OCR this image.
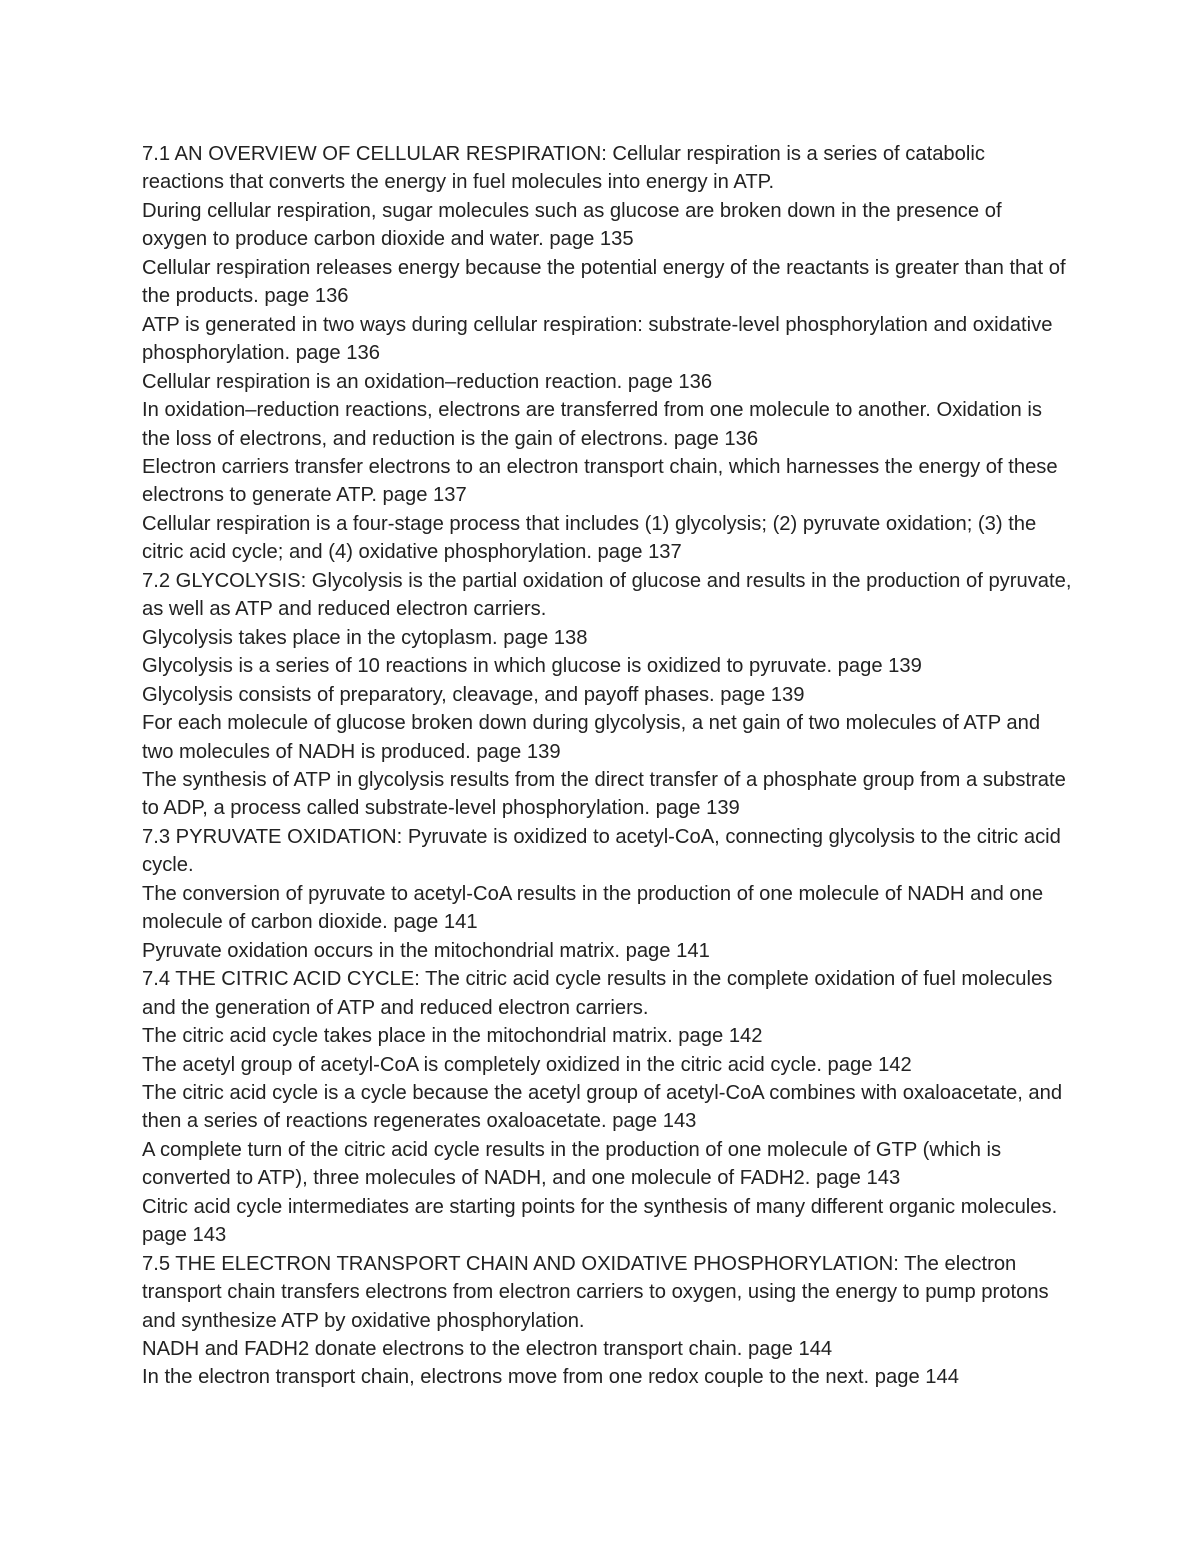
7.1 AN OVERVIEW OF CELLULAR RESPIRATION: Cellular respiration is a series of catabolic reactions that converts the energy in fuel molecules into energy in ATP.

During cellular respiration, sugar molecules such as glucose are broken down in the presence of oxygen to produce carbon dioxide and water. page 135

Cellular respiration releases energy because the potential energy of the reactants is greater than that of the products. page 136

ATP is generated in two ways during cellular respiration: substrate-level phosphorylation and oxidative phosphorylation. page 136

Cellular respiration is an oxidation–reduction reaction. page 136

In oxidation–reduction reactions, electrons are transferred from one molecule to another. Oxidation is the loss of electrons, and reduction is the gain of electrons. page 136

Electron carriers transfer electrons to an electron transport chain, which harnesses the energy of these electrons to generate ATP. page 137

Cellular respiration is a four-stage process that includes (1) glycolysis; (2) pyruvate oxidation; (3) the citric acid cycle; and (4) oxidative phosphorylation. page 137

7.2 GLYCOLYSIS: Glycolysis is the partial oxidation of glucose and results in the production of pyruvate, as well as ATP and reduced electron carriers.

Glycolysis takes place in the cytoplasm. page 138

Glycolysis is a series of 10 reactions in which glucose is oxidized to pyruvate. page 139

Glycolysis consists of preparatory, cleavage, and payoff phases. page 139

For each molecule of glucose broken down during glycolysis, a net gain of two molecules of ATP and two molecules of NADH is produced. page 139

The synthesis of ATP in glycolysis results from the direct transfer of a phosphate group from a substrate to ADP, a process called substrate-level phosphorylation. page 139

7.3 PYRUVATE OXIDATION: Pyruvate is oxidized to acetyl-CoA, connecting glycolysis to the citric acid cycle.

The conversion of pyruvate to acetyl-CoA results in the production of one molecule of NADH and one molecule of carbon dioxide. page 141

Pyruvate oxidation occurs in the mitochondrial matrix. page 141

7.4 THE CITRIC ACID CYCLE: The citric acid cycle results in the complete oxidation of fuel molecules and the generation of ATP and reduced electron carriers.

The citric acid cycle takes place in the mitochondrial matrix. page 142

The acetyl group of acetyl-CoA is completely oxidized in the citric acid cycle. page 142

The citric acid cycle is a cycle because the acetyl group of acetyl-CoA combines with oxaloacetate, and then a series of reactions regenerates oxaloacetate. page 143

A complete turn of the citric acid cycle results in the production of one molecule of GTP (which is converted to ATP), three molecules of NADH, and one molecule of FADH2. page 143

Citric acid cycle intermediates are starting points for the synthesis of many different organic molecules. page 143

7.5 THE ELECTRON TRANSPORT CHAIN AND OXIDATIVE PHOSPHORYLATION: The electron transport chain transfers electrons from electron carriers to oxygen, using the energy to pump protons and synthesize ATP by oxidative phosphorylation.

NADH and FADH2 donate electrons to the electron transport chain. page 144

In the electron transport chain, electrons move from one redox couple to the next. page 144
